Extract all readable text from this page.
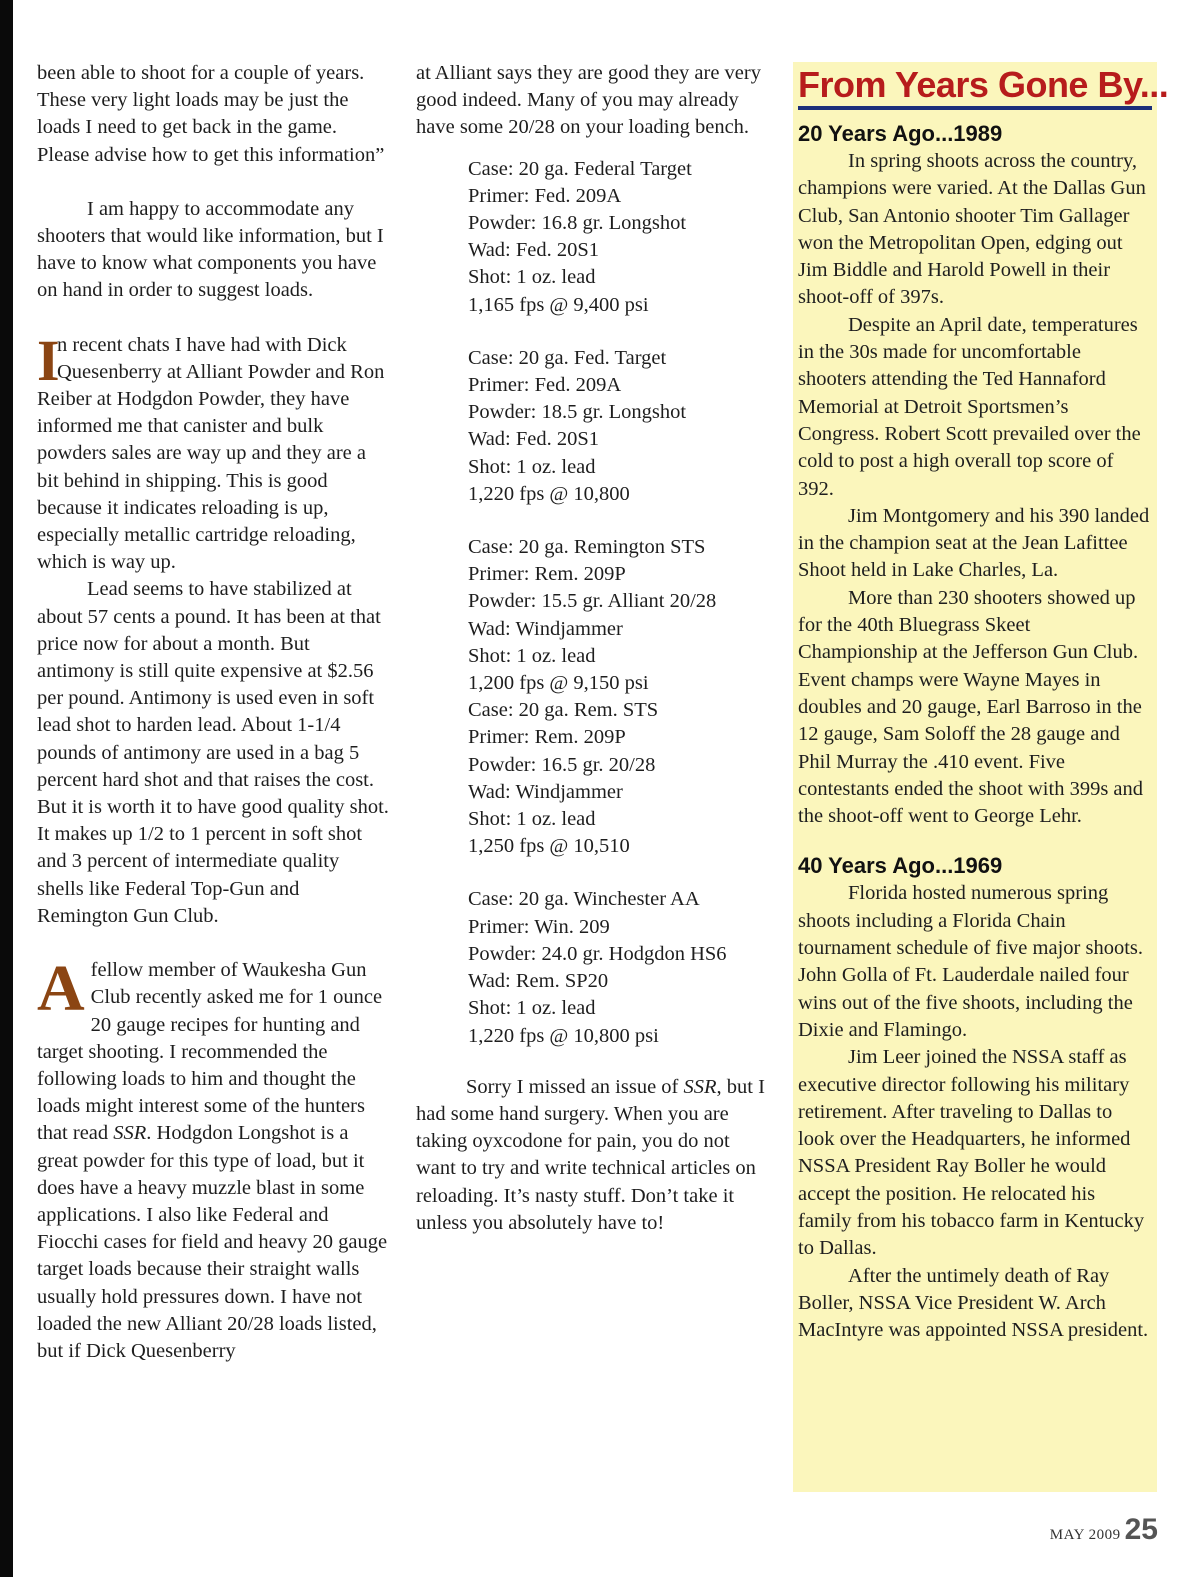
been able to shoot for a couple of years. These very light loads may be just the loads I need to get back in the game. Please advise how to get this information”

I am happy to accommodate any shooters that would like information, but I have to know what components you have on hand in order to suggest loads.

I
n recent chats I have had with Dick Quesenberry at Alliant Powder and Ron Reiber at Hodgdon Powder, they have informed me that canister and bulk powders sales are way up and they are a bit behind in shipping. This is good because it indicates reloading is up, especially metallic cartridge reloading, which is way up.

Lead seems to have stabilized at about 57 cents a pound. It has been at that price now for about a month. But antimony is still quite expensive at $2.56 per pound. Antimony is used even in soft lead shot to harden lead. About 1-1/4 pounds of antimony are used in a bag 5 percent hard shot and that raises the cost. But it is worth it to have good quality shot. It makes up 1/2 to 1 percent in soft shot and 3 percent of intermediate quality shells like Federal Top-Gun and Remington Gun Club.

A fellow member of Waukesha Gun Club recently asked me for 1 ounce 20 gauge recipes for hunting and target shooting. I recommended the following loads to him and thought the loads might interest some of the hunters that read SSR. Hodgdon Longshot is a great powder for this type of load, but it does have a heavy muzzle blast in some applications. I also like Federal and Fiocchi cases for field and heavy 20 gauge target loads because their straight walls usually hold pressures down. I have not loaded the new Alliant 20/28 loads listed, but if Dick Quesenberry

at Alliant says they are good they are very good indeed. Many of you may already have some 20/28 on your loading bench.

Case: 20 ga. Federal Target
Primer: Fed. 209A
Powder: 16.8 gr. Longshot
Wad: Fed. 20S1
Shot: 1 oz. lead
1,165 fps @ 9,400 psi
Case: 20 ga. Fed. Target
Primer: Fed. 209A
Powder: 18.5 gr. Longshot
Wad: Fed. 20S1
Shot: 1 oz. lead
1,220 fps @ 10,800
Case: 20 ga. Remington STS
Primer: Rem. 209P
Powder: 15.5 gr. Alliant 20/28
Wad: Windjammer
Shot: 1 oz. lead
1,200 fps @ 9,150 psi
Case: 20 ga. Rem. STS
Primer: Rem. 209P
Powder: 16.5 gr. 20/28
Wad: Windjammer
Shot: 1 oz. lead
1,250 fps @ 10,510
Case: 20 ga. Winchester AA
Primer: Win. 209
Powder: 24.0 gr. Hodgdon HS6
Wad: Rem. SP20
Shot: 1 oz. lead
1,220 fps @ 10,800 psi

Sorry I missed an issue of SSR, but I had some hand surgery. When you are taking oyxcodone for pain, you do not want to try and write technical articles on reloading. It’s nasty stuff. Don’t take it unless you absolutely have to!

From Years Gone By...
20 Years Ago...1989

In spring shoots across the country, champions were varied. At the Dallas Gun Club, San Antonio shooter Tim Gallager won the Metropolitan Open, edging out Jim Biddle and Harold Powell in their shoot-off of 397s.

Despite an April date, temperatures in the 30s made for uncomfortable shooters attending the Ted Hannaford Memorial at Detroit Sportsmen’s Congress. Robert Scott prevailed over the cold to post a high overall top score of 392.

Jim Montgomery and his 390 landed in the champion seat at the Jean Lafittee Shoot held in Lake Charles, La.

More than 230 shooters showed up for the 40th Bluegrass Skeet Championship at the Jefferson Gun Club. Event champs were Wayne Mayes in doubles and 20 gauge, Earl Barroso in the 12 gauge, Sam Soloff the 28 gauge and Phil Murray the .410 event. Five contestants ended the shoot with 399s and the shoot-off went to George Lehr.

40 Years Ago...1969

Florida hosted numerous spring shoots including a Florida Chain tournament schedule of five major shoots. John Golla of Ft. Lauderdale nailed four wins out of the five shoots, including the Dixie and Flamingo.

Jim Leer joined the NSSA staff as executive director following his military retirement. After traveling to Dallas to look over the Headquarters, he informed NSSA President Ray Boller he would accept the position. He relocated his family from his tobacco farm in Kentucky to Dallas.

After the untimely death of Ray Boller, NSSA Vice President W. Arch MacIntyre was appointed NSSA president.

MAY 2009 25
